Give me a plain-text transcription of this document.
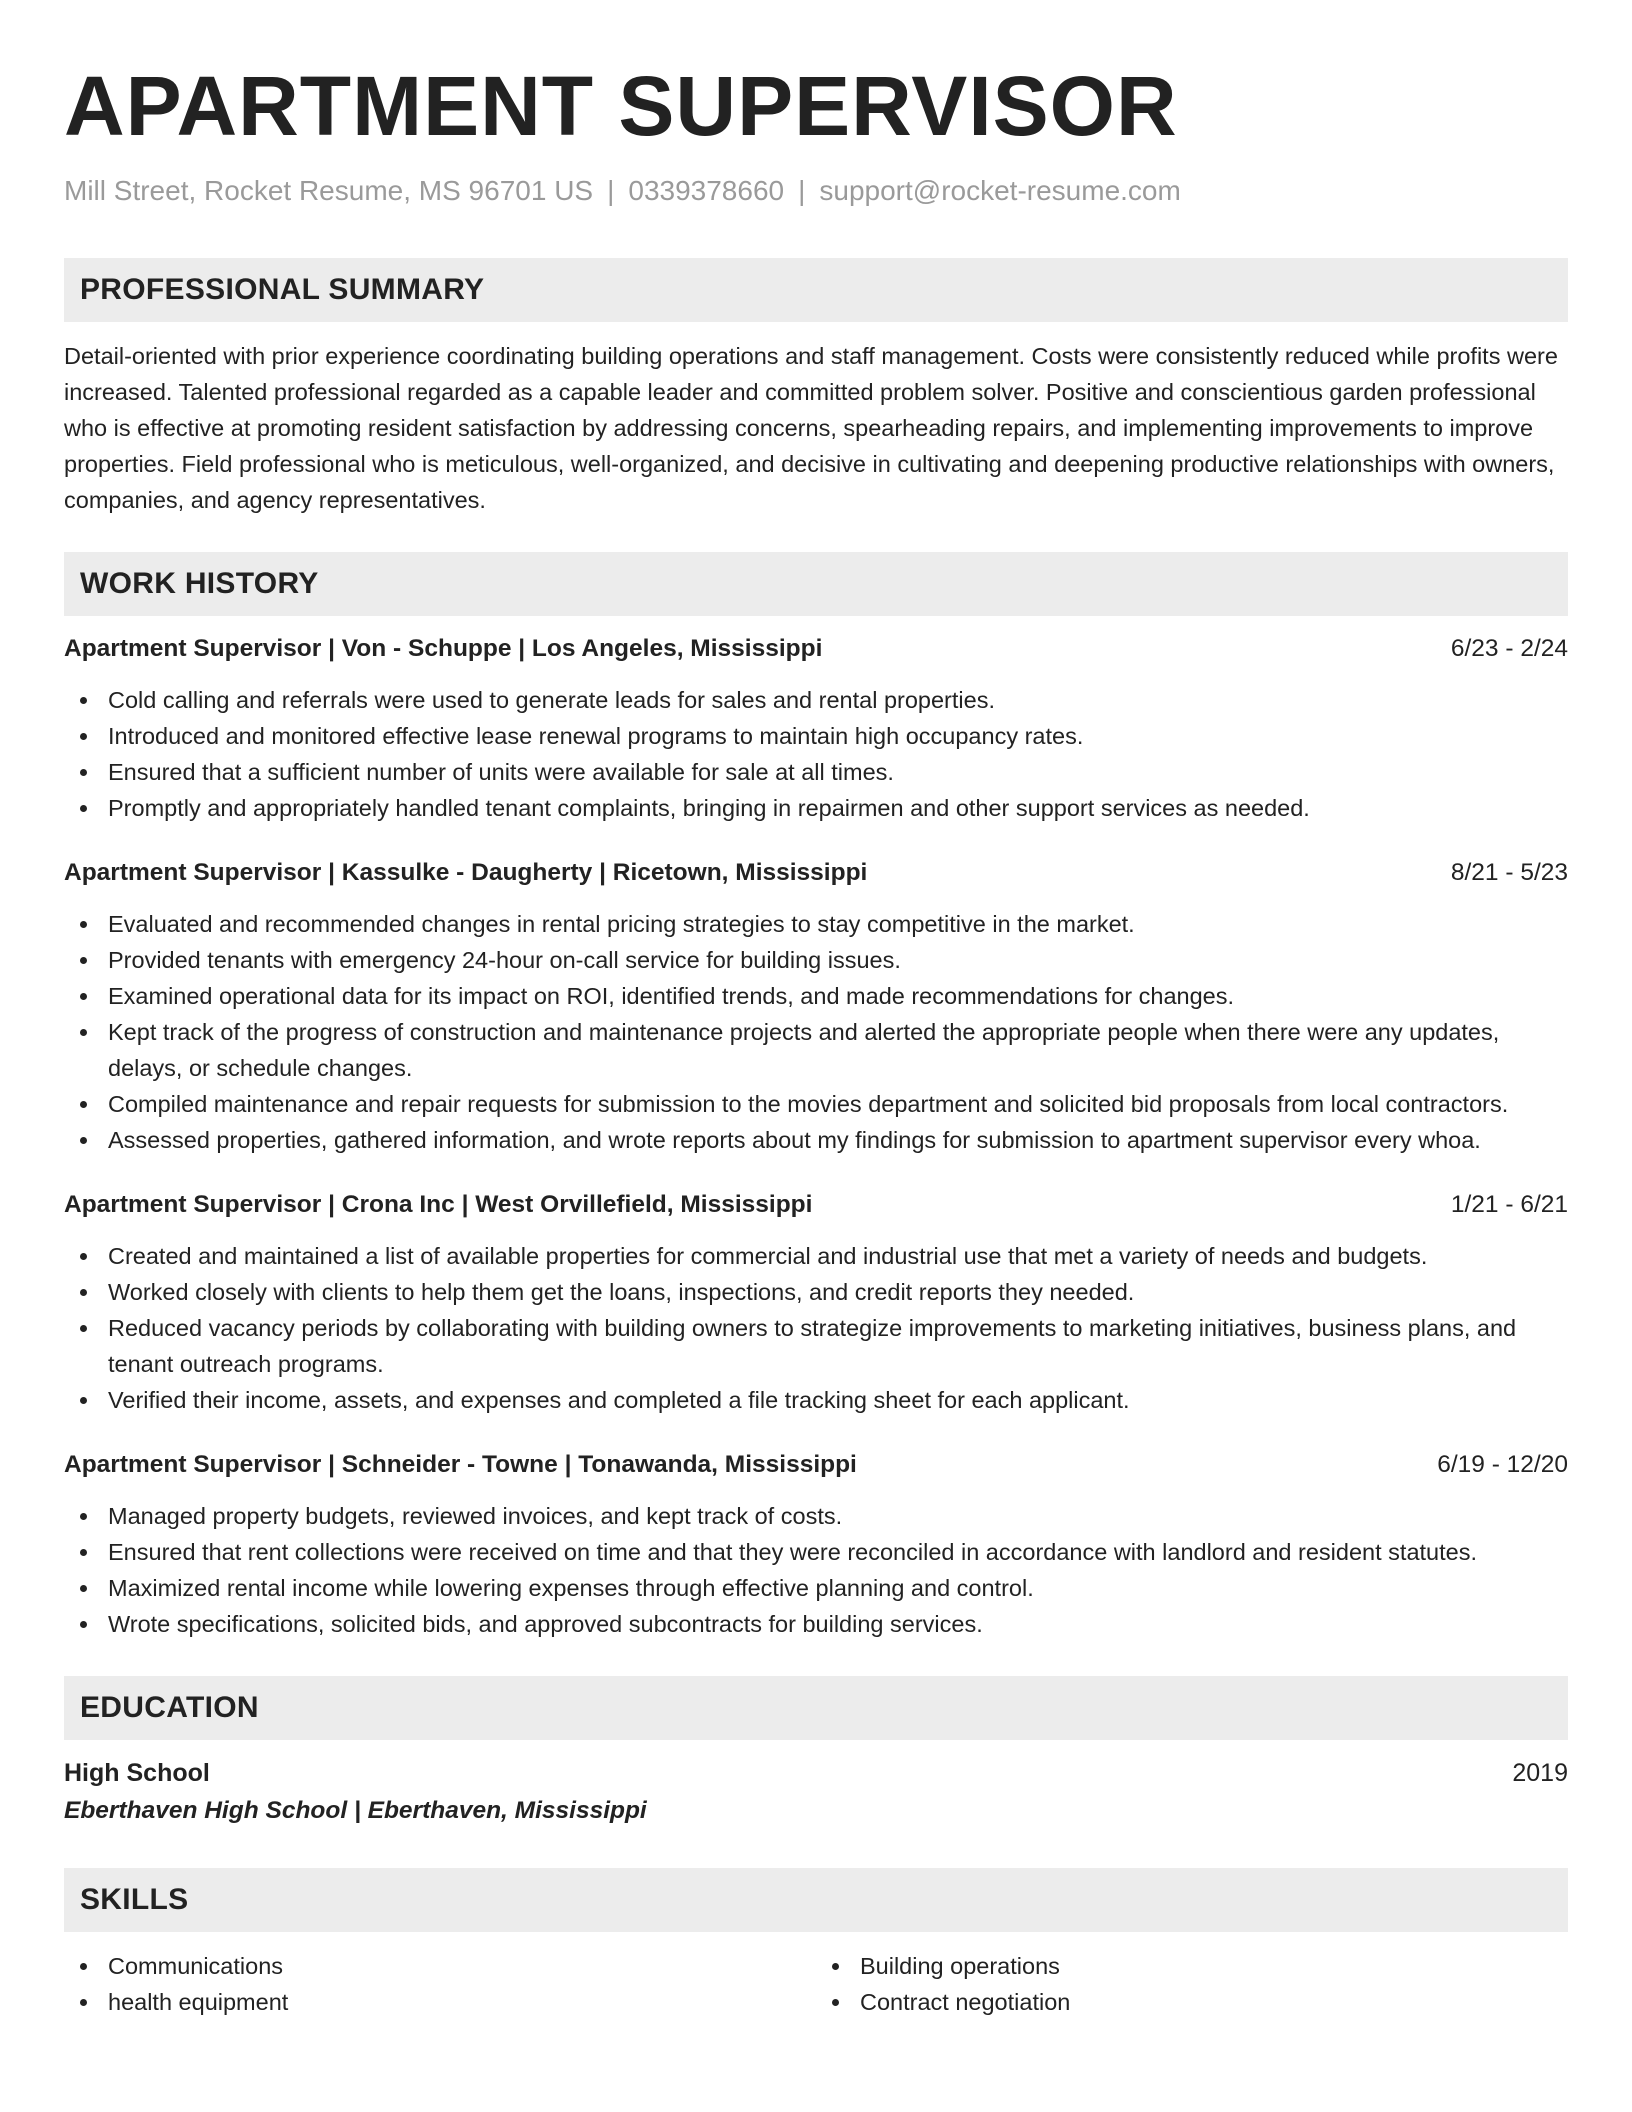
APARTMENT SUPERVISOR
Mill Street, Rocket Resume, MS 96701 US | 0339378660 | support@rocket-resume.com
PROFESSIONAL SUMMARY

Detail-oriented with prior experience coordinating building operations and staff management. Costs were consistently reduced while profits were increased. Talented professional regarded as a capable leader and committed problem solver. Positive and conscientious garden professional who is effective at promoting resident satisfaction by addressing concerns, spearheading repairs, and implementing improvements to improve properties. Field professional who is meticulous, well-organized, and decisive in cultivating and deepening productive relationships with owners, companies, and agency representatives.

WORK HISTORY
Apartment Supervisor | Von - Schuppe | Los Angeles, Mississippi	6/23 - 2/24
Cold calling and referrals were used to generate leads for sales and rental properties.
Introduced and monitored effective lease renewal programs to maintain high occupancy rates.
Ensured that a sufficient number of units were available for sale at all times.
Promptly and appropriately handled tenant complaints, bringing in repairmen and other support services as needed.
Apartment Supervisor | Kassulke - Daugherty | Ricetown, Mississippi	8/21 - 5/23
Evaluated and recommended changes in rental pricing strategies to stay competitive in the market.
Provided tenants with emergency 24-hour on-call service for building issues.
Examined operational data for its impact on ROI, identified trends, and made recommendations for changes.
Kept track of the progress of construction and maintenance projects and alerted the appropriate people when there were any updates, delays, or schedule changes.
Compiled maintenance and repair requests for submission to the movies department and solicited bid proposals from local contractors.
Assessed properties, gathered information, and wrote reports about my findings for submission to apartment supervisor every whoa.
Apartment Supervisor | Crona Inc | West Orvillefield, Mississippi	1/21 - 6/21
Created and maintained a list of available properties for commercial and industrial use that met a variety of needs and budgets.
Worked closely with clients to help them get the loans, inspections, and credit reports they needed.
Reduced vacancy periods by collaborating with building owners to strategize improvements to marketing initiatives, business plans, and tenant outreach programs.
Verified their income, assets, and expenses and completed a file tracking sheet for each applicant.
Apartment Supervisor | Schneider - Towne | Tonawanda, Mississippi	6/19 - 12/20
Managed property budgets, reviewed invoices, and kept track of costs.
Ensured that rent collections were received on time and that they were reconciled in accordance with landlord and resident statutes.
Maximized rental income while lowering expenses through effective planning and control.
Wrote specifications, solicited bids, and approved subcontracts for building services.
EDUCATION
High School	2019
Eberthaven High School | Eberthaven, Mississippi
SKILLS
Communications
health equipment
Building operations
Contract negotiation
